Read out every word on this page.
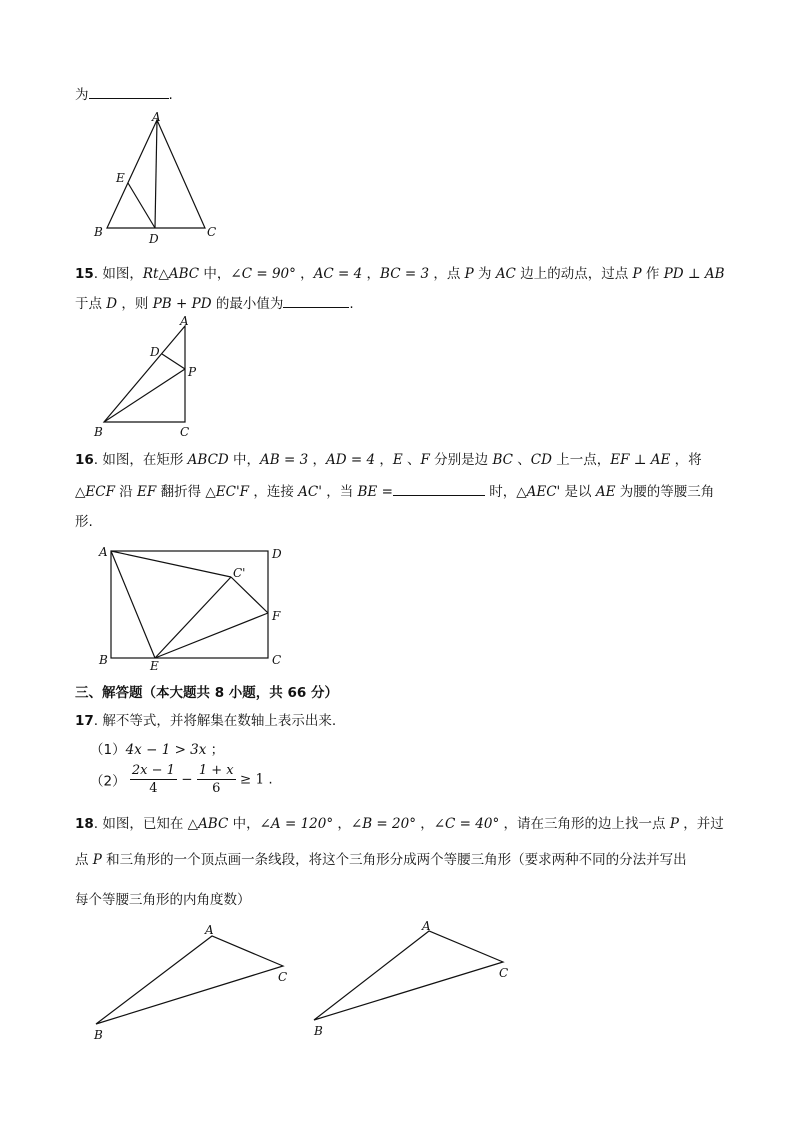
为	.
A
B	C
D
E
15. 如图，Rt△ABC 中，∠C = 90° ，AC = 4 ，BC = 3 ，点 P 为 AC 边上的动点，过点 P 作 PD ⊥ AB
于点 D ，则 PB + PD 的最小值为	.
A
B	C
D
P
16. 如图，在矩形 ABCD 中，AB = 3 ，AD = 4 ，E 、F 分别是边 BC 、CD 上一点，EF ⊥ AE ，将
△ECF 沿 EF 翻折得 △EC'F ，连接 AC' ，当 BE =	时，△AEC' 是以 AE 为腰的等腰三角
形.
A
B	C
D
E
F
C'
三、解答题（本大题共 8 小题，共 66 分）
17. 解不等式，并将解集在数轴上表示出来.
（1）4x − 1 > 3x ；
$(2) \frac{2x - 1}{4} - \frac{1 + x}{6} \ge 1$ .
18. 如图，已知在 △ABC 中，∠A = 120° ，∠B = 20° ，∠C = 40° ，请在三角形的边上找一点 P ，并过
点 P 和三角形的一个顶点画一条线段，将这个三角形分成两个等腰三角形（要求两种不同的分法并写出
每个等腰三角形的内角度数）
A
B
C
A
B
C
